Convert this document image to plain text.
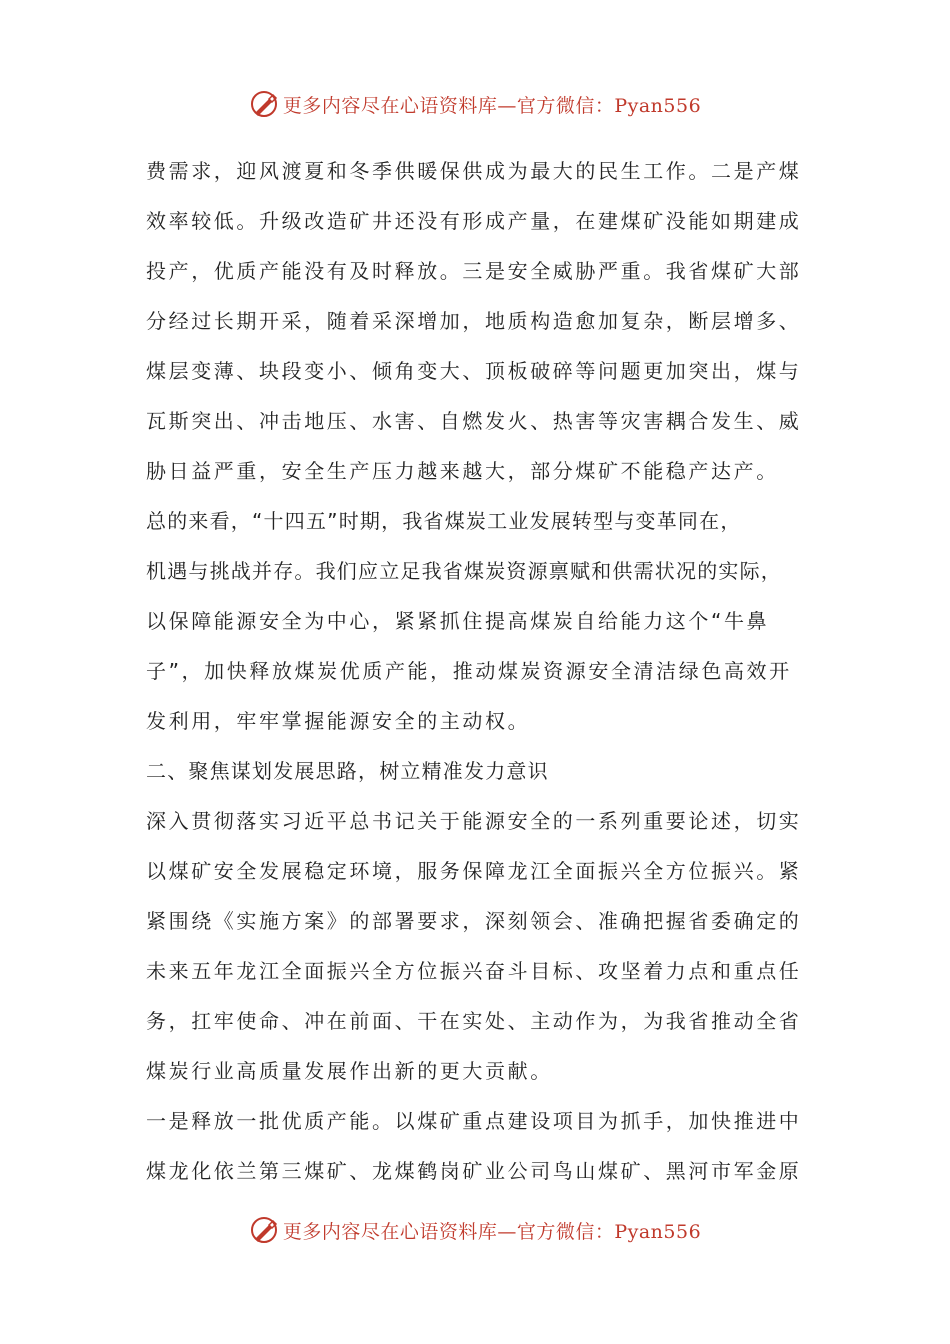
更多内容尽在心语资料库—官方微信：Pyan556
费需求，迎风渡夏和冬季供暖保供成为最大的民生工作。二是产煤
效率较低。升级改造矿井还没有形成产量，在建煤矿没能如期建成
投产，优质产能没有及时释放。三是安全威胁严重。我省煤矿大部
分经过长期开采，随着采深增加，地质构造愈加复杂，断层增多、
煤层变薄、块段变小、倾角变大、顶板破碎等问题更加突出，煤与
瓦斯突出、冲击地压、水害、自燃发火、热害等灾害耦合发生、威
胁日益严重，安全生产压力越来越大，部分煤矿不能稳产达产。
总的来看，“十四五”时期，我省煤炭工业发展转型与变革同在，
机遇与挑战并存。我们应立足我省煤炭资源禀赋和供需状况的实际，
以保障能源安全为中心，紧紧抓住提高煤炭自给能力这个“牛鼻
子”，加快释放煤炭优质产能，推动煤炭资源安全清洁绿色高效开
发利用，牢牢掌握能源安全的主动权。
二、聚焦谋划发展思路，树立精准发力意识
深入贯彻落实习近平总书记关于能源安全的一系列重要论述，切实
以煤矿安全发展稳定环境，服务保障龙江全面振兴全方位振兴。紧
紧围绕《实施方案》的部署要求，深刻领会、准确把握省委确定的
未来五年龙江全面振兴全方位振兴奋斗目标、攻坚着力点和重点任
务，扛牢使命、冲在前面、干在实处、主动作为，为我省推动全省
煤炭行业高质量发展作出新的更大贡献。
一是释放一批优质产能。以煤矿重点建设项目为抓手，加快推进中
煤龙化依兰第三煤矿、龙煤鹤岗矿业公司鸟山煤矿、黑河市军金原
更多内容尽在心语资料库—官方微信：Pyan556
